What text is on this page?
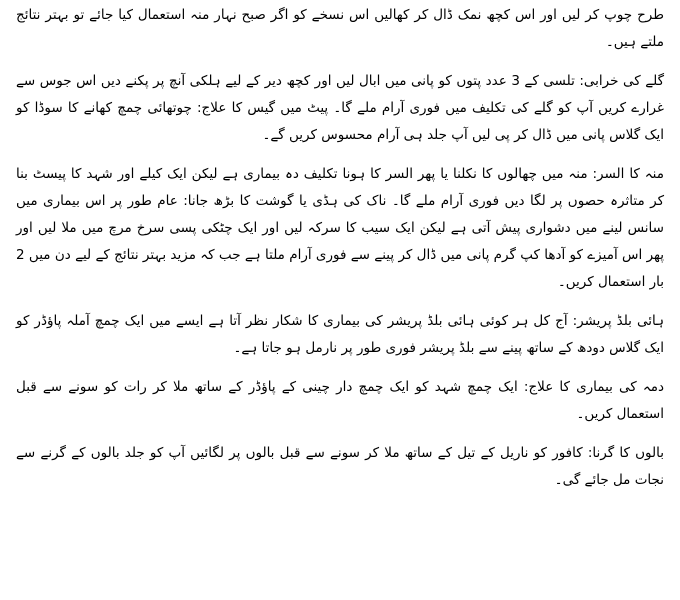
طرح چوپ کر لیں اور اس کچھ نمک ڈال کر کھالیں اس نسخے کو اگر صبح نہار منہ استعمال کیا جائے تو بہتر نتائج ملتے ہیں۔

گلے کی خرابی: تلسی کے 3 عدد پتوں کو پانی میں ابال لیں اور کچھ دیر کے لیے ہلکی آنچ پر پکنے دیں اس جوس سے غرارے کریں آپ کو گلے کی تکلیف میں فوری آرام ملے گا۔ پیٹ میں گیس کا علاج: چوتھائی چمچ کھانے کا سوڈا کو ایک گلاس پانی میں ڈال کر پی لیں آپ جلد ہی آرام محسوس کریں گے۔

منہ کا السر: منہ میں چھالوں کا نکلنا یا پھر السر کا ہونا تکلیف دہ بیماری ہے لیکن ایک کیلے اور شہد کا پیسٹ بنا کر متاثرہ حصوں پر لگا دیں فوری آرام ملے گا۔ ناک کی ہڈی یا گوشت کا بڑھ جانا: عام طور پر اس بیماری میں سانس لینے میں دشواری پیش آتی ہے لیکن ایک سیب کا سرکہ لیں اور ایک چٹکی پسی سرخ مرچ میں ملا لیں اور پھر اس آمیزے کو آدھا کپ گرم پانی میں ڈال کر پینے سے فوری آرام ملتا ہے جب کہ مزید بہتر نتائج کے لیے دن میں 2 بار استعمال کریں۔

ہائی بلڈ پریشر: آج کل ہر کوئی ہائی بلڈ پریشر کی بیماری کا شکار نظر آتا ہے ایسے میں ایک چمچ آملہ پاؤڈر کو ایک گلاس دودھ کے ساتھ پینے سے بلڈ پریشر فوری طور پر نارمل ہو جاتا ہے۔

دمہ کی بیماری کا علاج: ایک چمچ شہد کو ایک چمچ دار چینی کے پاؤڈر کے ساتھ ملا کر رات کو سونے سے قبل استعمال کریں۔

بالوں کا گرنا: کافور کو ناریل کے تیل کے ساتھ ملا کر سونے سے قبل بالوں پر لگائیں آپ کو جلد بالوں کے گرنے سے نجات مل جائے گی۔
